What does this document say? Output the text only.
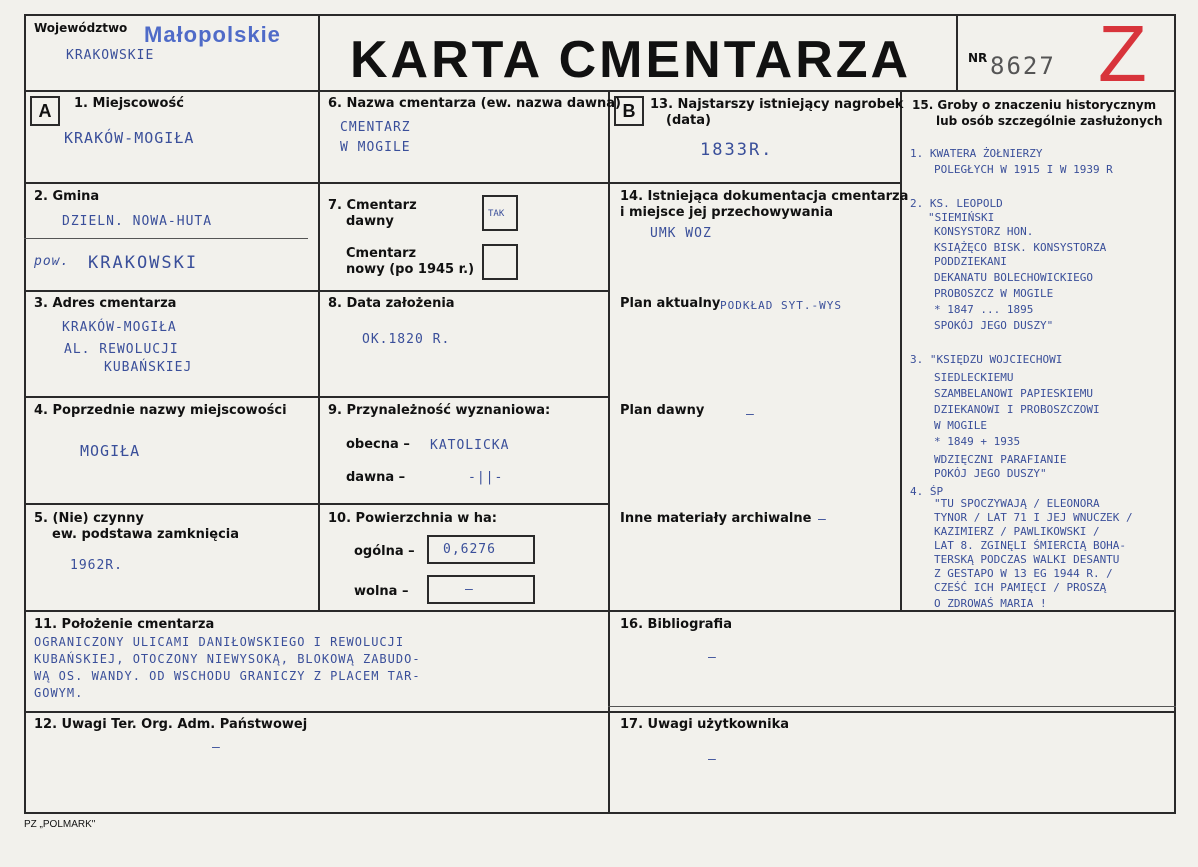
Województwo Małopolskie
KRAKOWSKIE	KARTA CMENTARZA	NR 8627 Z
A	B
1. Miejscowość
KRAKÓW-MOGIŁA
2. Gmina
DZIELN. NOWA-HUTA
pow. KRAKOWSKI
3. Adres cmentarza
KRAKÓW-MOGIŁA
AL. REWOLUCJI
KUBAŃSKIEJ
4. Poprzednie nazwy miejscowości
MOGIŁA
5. (Nie) czynny
ew. podstawa zamknięcia
1962R.
6. Nazwa cmentarza (ew. nazwa dawna)
CMENTARZ
W MOGILE
7. Cmentarz
dawny	TAK
Cmentarz
nowy (po 1945 r.)
8. Data założenia
OK.1820 R.
9. Przynależność wyznaniowa:
obecna – KATOLICKA
dawna –	-||-
10. Powierzchnia w ha:
ogólna – 0,6276
wolna –	–
11. Położenie cmentarza
OGRANICZONY ULICAMI DANIŁOWSKIEGO I REWOLUCJI
KUBAŃSKIEJ, OTOCZONY NIEWYSOKĄ, BLOKOWĄ ZABUDO-
WĄ OS. WANDY. OD WSCHODU GRANICZY Z PLACEM TAR-
GOWYM.
12. Uwagi Ter. Org. Adm. Państwowej
–
13. Najstarszy istniejący nagrobek
(data)
1833R.
14. Istniejąca dokumentacja cmentarza
i miejsce jej przechowywania
UMK WOZ
Plan aktualny PODKŁAD SYT.-WYS
Plan dawny	–
Inne materiały archiwalne –
15. Groby o znaczeniu historycznym
lub osób szczególnie zasłużonych
1. KWATERA ŻOŁNIERZY
POLEGŁYCH W 1915 I W 1939 R
2. KS. LEOPOLD
"SIEMIŃSKI
KONSYSTORZ HON.
KSIĄŻĘCO BISK. KONSYSTORZA
PODDZIEKANI
DEKANATU BOLECHOWICKIEGO
PROBOSZCZ W MOGILE
* 1847 ... 1895
SPOKÓJ JEGO DUSZY"
3. "KSIĘDZU WOJCIECHOWI
SIEDLECKIEMU
SZAMBELANOWI PAPIESKIEMU
DZIEKANOWI I PROBOSZCZOWI
W MOGILE
* 1849 + 1935
WDZIĘCZNI PARAFIANIE
POKÓJ JEGO DUSZY"
4. ŚP
"TU SPOCZYWAJĄ / ELEONORA
TYNOR / LAT 71 I JEJ WNUCZEK /
KAZIMIERZ / PAWLIKOWSKI /
LAT 8. ZGINĘLI ŚMIERCIĄ BOHA-
TERSKĄ PODCZAS WALKI DESANTU
Z GESTAPO W 13 EG 1944 R. /
CZEŚĆ ICH PAMIĘCI / PROSZĄ
O ZDROWAŚ MARIA !
16. Bibliografia
–
17. Uwagi użytkownika
–
PZ „POLMARK"
